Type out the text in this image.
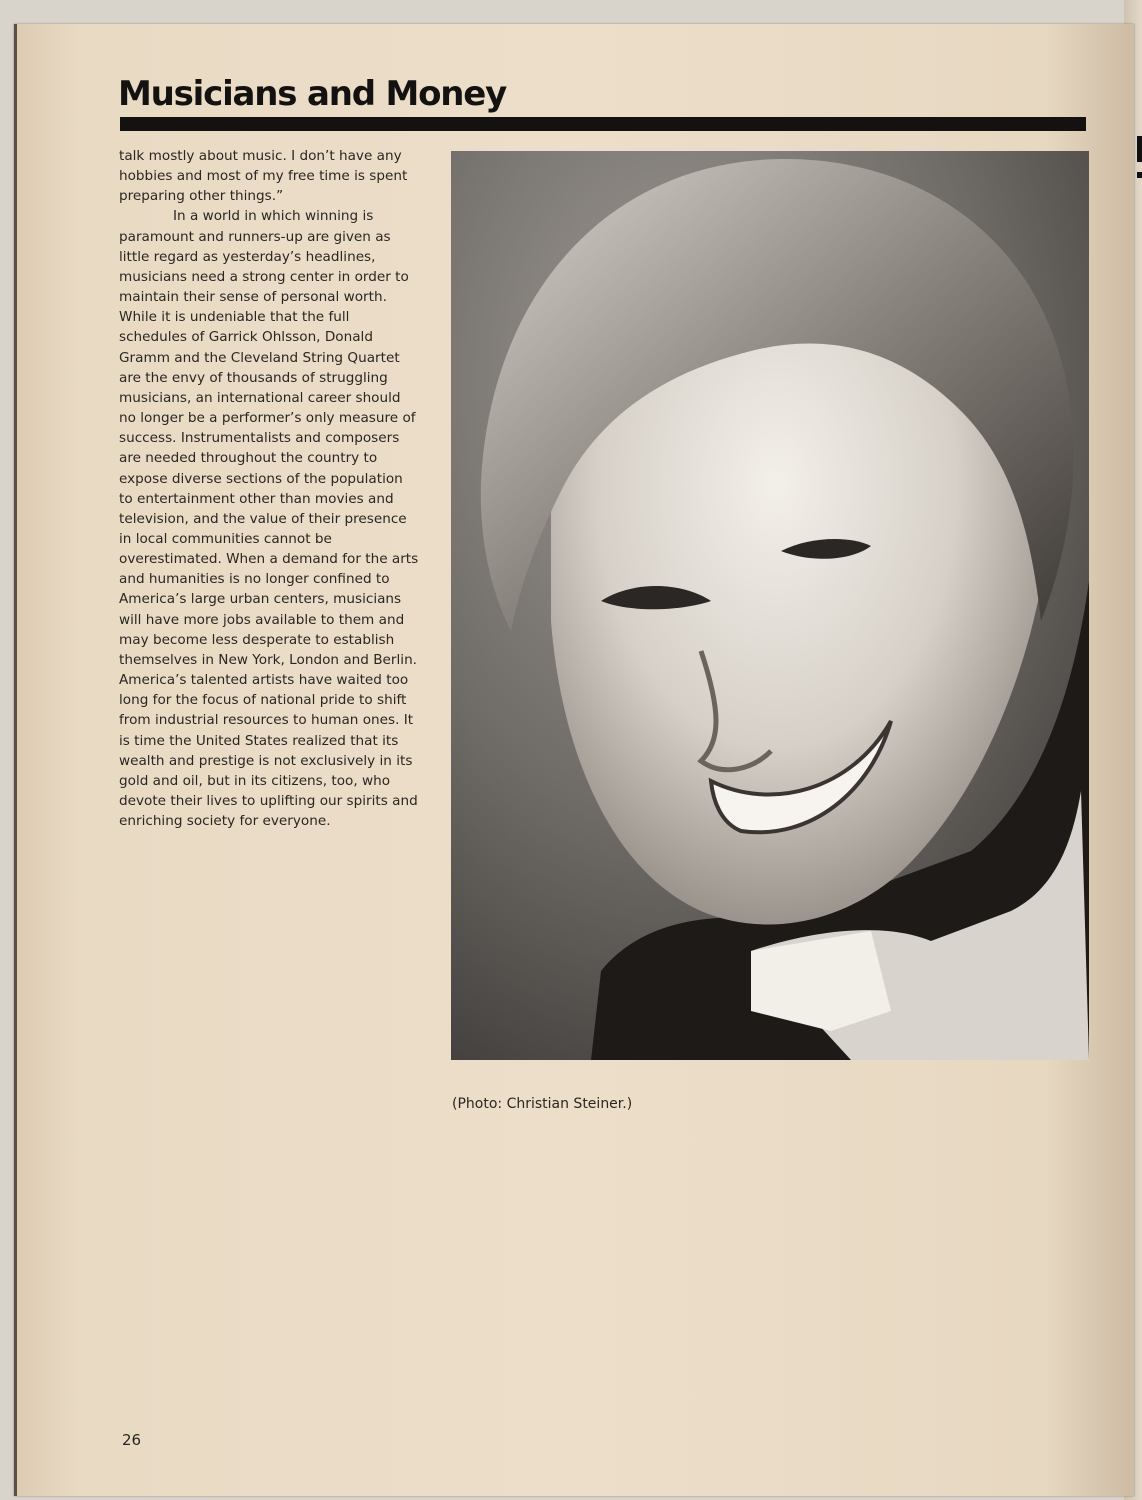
Musicians and Money

talk mostly about music. I don’t have any hobbies and most of my free time is spent preparing other things.”

In a world in which winning is paramount and runners-up are given as little regard as yesterday’s headlines, musicians need a strong center in order to maintain their sense of personal worth. While it is undeniable that the full schedules of Garrick Ohlsson, Donald Gramm and the Cleveland String Quartet are the envy of thousands of struggling musicians, an international career should no longer be a performer’s only measure of success. Instrumentalists and composers are needed throughout the country to expose diverse sections of the population to entertainment other than movies and television, and the value of their presence in local communities cannot be overestimated. When a demand for the arts and humanities is no longer confined to America’s large urban centers, musicians will have more jobs available to them and may become less desperate to establish themselves in New York, London and Berlin. America’s talented artists have waited too long for the focus of national pride to shift from industrial resources to human ones. It is time the United States realized that its wealth and prestige is not exclusively in its gold and oil, but in its citizens, too, who devote their lives to uplifting our spirits and enriching society for everyone.

(Photo: Christian Steiner.)
26
